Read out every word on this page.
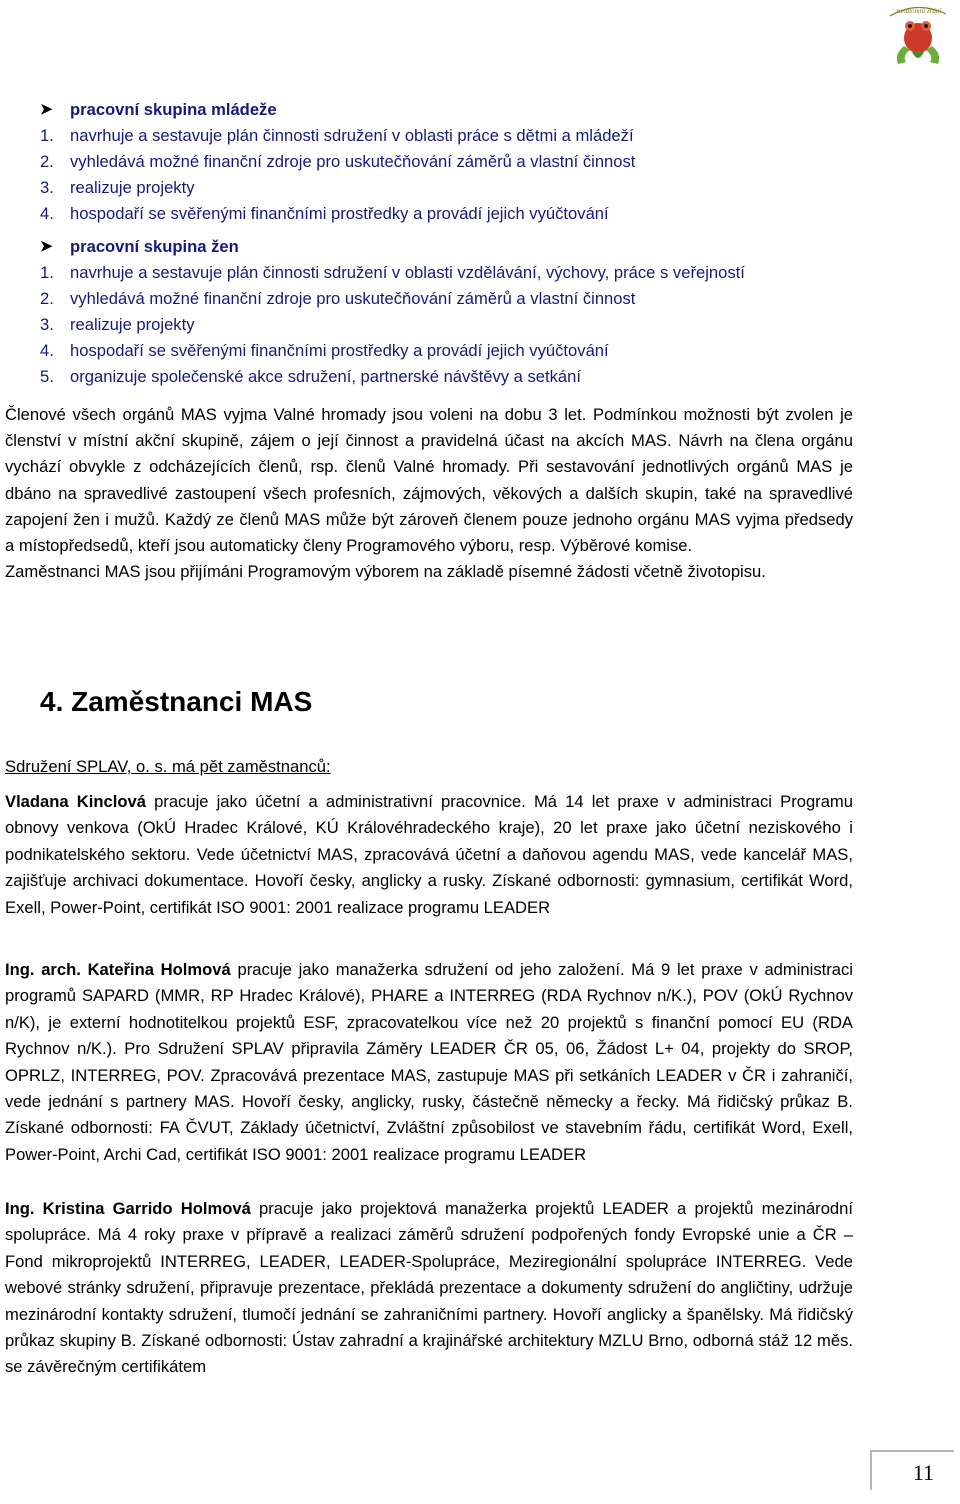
zonátomní zrání
➤	pracovní skupina mládeže
1. navrhuje a sestavuje plán činnosti sdružení v oblasti práce s dětmi a mládeží
2. vyhledává možné finanční zdroje pro uskutečňování záměrů a vlastní činnost
3. realizuje projekty
4. hospodaří se svěřenými finančními prostředky a provádí jejich vyúčtování
➤	pracovní skupina žen
1. navrhuje a sestavuje plán činnosti sdružení v oblasti vzdělávání, výchovy, práce s veřejností
2. vyhledává možné finanční zdroje pro uskutečňování záměrů a vlastní činnost
3. realizuje projekty
4. hospodaří se svěřenými finančními prostředky a provádí jejich vyúčtování
5. organizuje společenské akce sdružení, partnerské návštěvy a setkání

Členové všech orgánů MAS vyjma Valné hromady jsou voleni na dobu 3 let. Podmínkou možnosti být zvolen je členství v místní akční skupině, zájem o její činnost a pravidelná účast na akcích MAS. Návrh na člena orgánu vychází obvykle z odcházejících členů, rsp. členů Valné hromady. Při sestavování jednotlivých orgánů MAS je dbáno na spravedlivé zastoupení všech profesních, zájmových, věkových a dalších skupin, také na spravedlivé zapojení žen i mužů. Každý ze členů MAS může být zároveň členem pouze jednoho orgánu MAS vyjma předsedy a místopředsedů, kteří jsou automaticky členy Programového výboru, resp. Výběrové komise.

Zaměstnanci MAS jsou přijímáni Programovým výborem na základě písemné žádosti včetně životopisu.

4. Zaměstnanci MAS
Sdružení SPLAV, o. s. má pět zaměstnanců:

Vladana Kinclová pracuje jako účetní a administrativní pracovnice. Má 14 let praxe v administraci Programu obnovy venkova (OkÚ Hradec Králové, KÚ Královéhradeckého kraje), 20 let praxe jako účetní neziskového i podnikatelského sektoru. Vede účetnictví MAS, zpracovává účetní a daňovou agendu MAS, vede kancelář MAS, zajišťuje archivaci dokumentace. Hovoří česky, anglicky a rusky. Získané odbornosti: gymnasium, certifikát Word, Exell, Power-Point, certifikát ISO 9001: 2001 realizace programu LEADER

Ing. arch. Kateřina Holmová pracuje jako manažerka sdružení od jeho založení. Má 9 let praxe v administraci programů SAPARD (MMR, RP Hradec Králové), PHARE a INTERREG (RDA Rychnov n/K.), POV (OkÚ Rychnov n/K), je externí hodnotitelkou projektů ESF, zpracovatelkou více než 20 projektů s finanční pomocí EU (RDA Rychnov n/K.). Pro Sdružení SPLAV připravila Záměry LEADER ČR 05, 06, Žádost L+ 04, projekty do SROP, OPRLZ, INTERREG, POV. Zpracovává prezentace MAS, zastupuje MAS při setkáních LEADER v ČR i zahraničí, vede jednání s partnery MAS. Hovoří česky, anglicky, rusky, částečně německy a řecky. Má řidičský průkaz B. Získané odbornosti: FA ČVUT, Základy účetnictví, Zvláštní způsobilost ve stavebním řádu, certifikát Word, Exell, Power-Point, Archi Cad, certifikát ISO 9001: 2001 realizace programu LEADER

Ing. Kristina Garrido Holmová pracuje jako projektová manažerka projektů LEADER a projektů mezinárodní spolupráce. Má 4 roky praxe v přípravě a realizaci záměrů sdružení podpořených fondy Evropské unie a ČR – Fond mikroprojektů INTERREG, LEADER, LEADER-Spolupráce, Meziregionální spolupráce INTERREG. Vede webové stránky sdružení, připravuje prezentace, překládá prezentace a dokumenty sdružení do angličtiny, udržuje mezinárodní kontakty sdružení, tlumočí jednání se zahraničními partnery. Hovoří anglicky a španělsky. Má řidičský průkaz skupiny B. Získané odbornosti: Ústav zahradní a krajinářské architektury MZLU Brno, odborná stáž 12 měs. se závěrečným certifikátem

11
